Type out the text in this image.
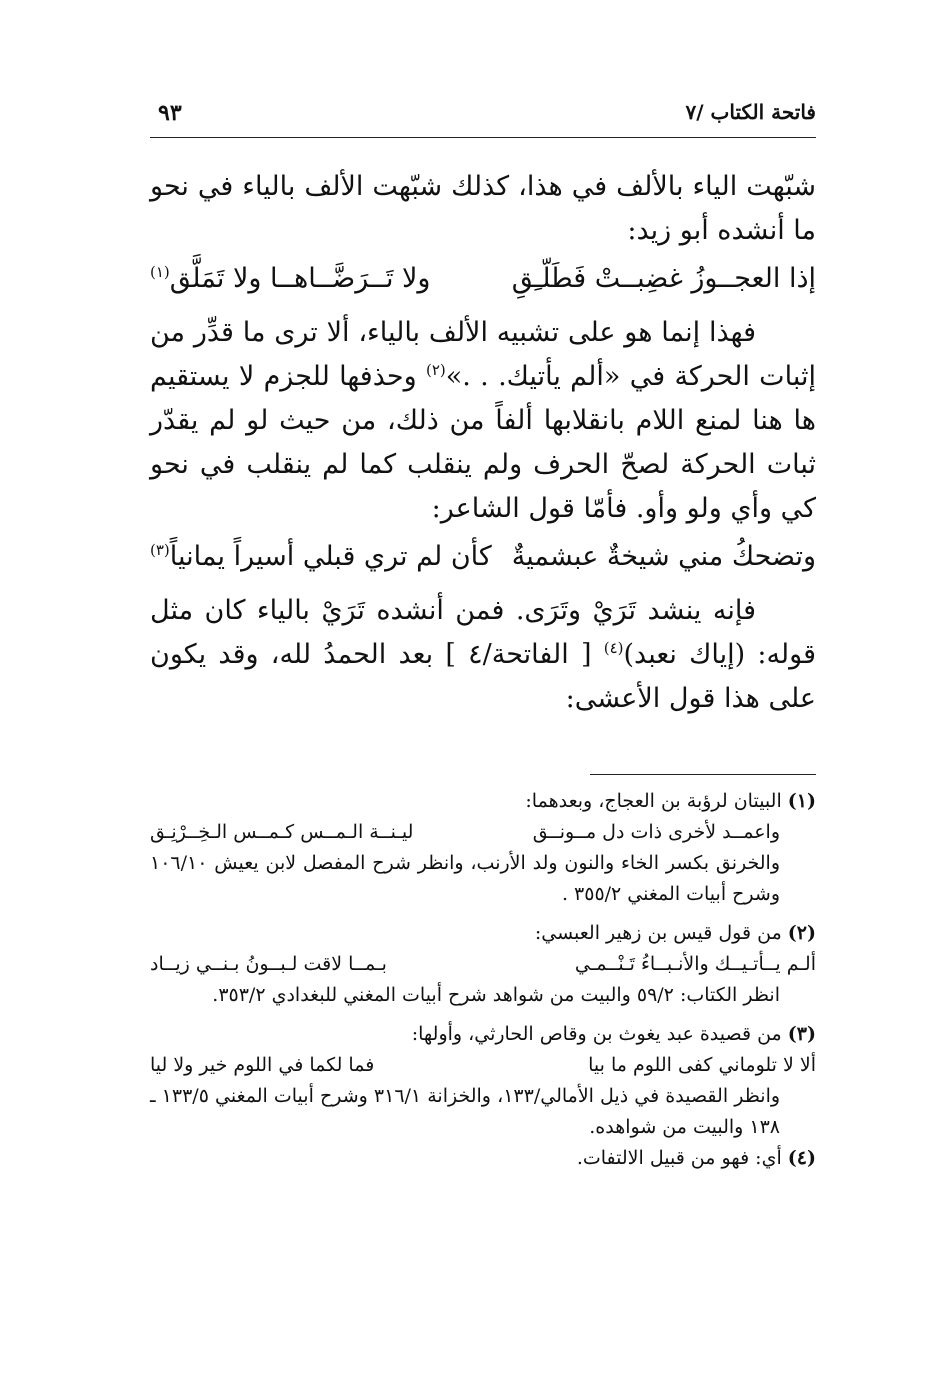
فاتحة الكتاب /٧
٩٣

شبّهت الياء بالألف في هذا، كذلك شبّهت الألف بالياء في نحو ما أنشده أبو زيد:

إذا العجــوزُ غضِبــتْ فَطَلّـِقِ
ولا تَــرَضَّــاهــا ولا تَمَلَّق$^{(١)}$

فهذا إنما هو على تشبيه الألف بالياء، ألا ترى ما قدِّر من إثبات الحركة في «ألم يأتيك. . .»$^{(٢)}$ وحذفها للجزم لا يستقيم ها هنا لمنع اللام بانقلابها ألفاً من ذلك، من حيث لو لم يقدّر ثبات الحركة لصحّ الحرف ولم ينقلب كما لم ينقلب في نحو كي وأي ولو وأو. فأمّا قول الشاعر:

وتضحكُ مني شيخةٌ عبشميةٌ
كأن لم تري قبلي أسيراً يمانياً$^{(٣)}$

فإنه ينشد تَرَيْ وتَرَى. فمن أنشده تَرَيْ بالياء كان مثل قوله: (إياك نعبد)$^{(٤)}$ [ الفاتحة/٤ ] بعد الحمدُ لله، وقد يكون على هذا قول الأعشى:

(١) البيتان لرؤبة بن العجاج، وبعدهما:

واعمــد لأخرى ذات دل مــونــق
ليـنــة الـمــس كـمــس الـخِــرْنِـق

والخرنق بكسر الخاء والنون ولد الأرنب، وانظر شرح المفصل لابن يعيش ١٠٦/١٠ وشرح أبيات المغني ٣٥٥/٢ .

(٢) من قول قيس بن زهير العبسي:

ألـم يــأتـيــك والأنـبــاءُ تَـنْــمـي
بـمــا لاقت لـبــونُ بـنــي زيــاد

انظر الكتاب: ٥٩/٢ والبيت من شواهد شرح أبيات المغني للبغدادي ٣٥٣/٢.

(٣) من قصيدة عبد يغوث بن وقاص الحارثي، وأولها:

ألا لا تلوماني كفى اللوم ما بيا
فما لكما في اللوم خير ولا ليا

وانظر القصيدة في ذيل الأمالي/١٣٣، والخزانة ٣١٦/١ وشرح أبيات المغني ١٣٣/٥ ـ ١٣٨ والبيت من شواهده.

(٤) أي: فهو من قبيل الالتفات.
